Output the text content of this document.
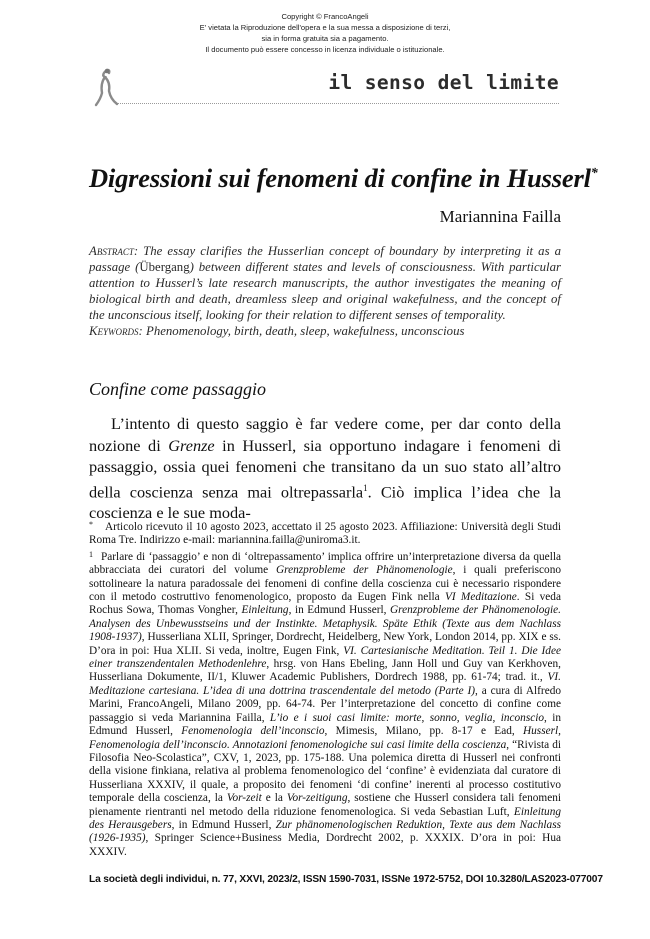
Copyright © FrancoAngeli
E' vietata la Riproduzione dell'opera e la sua messa a disposizione di terzi,
sia in forma gratuita sia a pagamento.
Il documento può essere concesso in licenza individuale o istituzionale.
il senso del limite
Digressioni sui fenomeni di confine in Husserl*
Mariannina Failla
Abstract: The essay clarifies the Husserlian concept of boundary by interpreting it as a passage (Übergang) between different states and levels of consciousness. With particular attention to Husserl’s late research manuscripts, the author investigates the meaning of biological birth and death, dreamless sleep and original wakefulness, and the concept of the unconscious itself, looking for their relation to different senses of temporality.
Keywords: Phenomenology, birth, death, sleep, wakefulness, unconscious
Confine come passaggio

L’intento di questo saggio è far vedere come, per dar conto della nozione di Grenze in Husserl, sia opportuno indagare i fenomeni di passaggio, ossia quei fenomeni che transitano da un suo stato all’altro della coscienza senza mai oltrepassarla$^1$. Ciò implica l’idea che la coscienza e le sue moda-

* Articolo ricevuto il 10 agosto 2023, accettato il 25 agosto 2023. Affiliazione: Università degli Studi Roma Tre. Indirizzo e-mail: mariannina.failla@uniroma3.it.

1 Parlare di ‘passaggio’ e non di ‘oltrepassamento’ implica offrire un’interpretazione diversa da quella abbracciata dei curatori del volume Grenzprobleme der Phänomenologie, i quali preferiscono sottolineare la natura paradossale dei fenomeni di confine della coscienza cui è necessario rispondere con il metodo costruttivo fenomenologico, proposto da Eugen Fink nella VI Meditazione. Si veda Rochus Sowa, Thomas Vongher, Einleitung, in Edmund Husserl, Grenzprobleme der Phänomenologie. Analysen des Unbewusstseins und der Instinkte. Metaphysik. Späte Ethik (Texte aus dem Nachlass 1908-1937), Husserliana XLII, Springer, Dordrecht, Heidelberg, New York, London 2014, pp. XIX e ss. D’ora in poi: Hua XLII. Si veda, inoltre, Eugen Fink, VI. Cartesianische Meditation. Teil 1. Die Idee einer transzendentalen Methodenlehre, hrsg. von Hans Ebeling, Jann Holl und Guy van Kerkhoven, Husserliana Dokumente, II/1, Kluwer Academic Publishers, Dordrech 1988, pp. 61-74; trad. it., VI. Meditazione cartesiana. L’idea di una dottrina trascendentale del metodo (Parte I), a cura di Alfredo Marini, FrancoAngeli, Milano 2009, pp. 64-74. Per l’interpretazione del concetto di confine come passaggio si veda Mariannina Failla, L’io e i suoi casi limite: morte, sonno, veglia, inconscio, in Edmund Husserl, Fenomenologia dell’inconscio, Mimesis, Milano, pp. 8-17 e Ead, Husserl, Fenomenologia dell’inconscio. Annotazioni fenomenologiche sui casi limite della coscienza, “Rivista di Filosofia Neo-Scolastica”, CXV, 1, 2023, pp. 175-188. Una polemica diretta di Husserl nei confronti della visione finkiana, relativa al problema fenomenologico del ‘confine’ è evidenziata dal curatore di Husserliana XXXIV, il quale, a proposito dei fenomeni ‘di confine’ inerenti al processo costitutivo temporale della coscienza, la Vor-zeit e la Vor-zeitigung, sostiene che Husserl considera tali fenomeni pienamente rientranti nel metodo della riduzione fenomenologica. Si veda Sebastian Luft, Einleitung des Herausgebers, in Edmund Husserl, Zur phänomenologischen Reduktion, Texte aus dem Nachlass (1926-1935), Springer Science+Business Media, Dordrecht 2002, p. XXXIX. D’ora in poi: Hua XXXIV.

La società degli individui, n. 77, XXVI, 2023/2, ISSN 1590-7031, ISSNe 1972-5752, DOI 10.3280/LAS2023-077007
